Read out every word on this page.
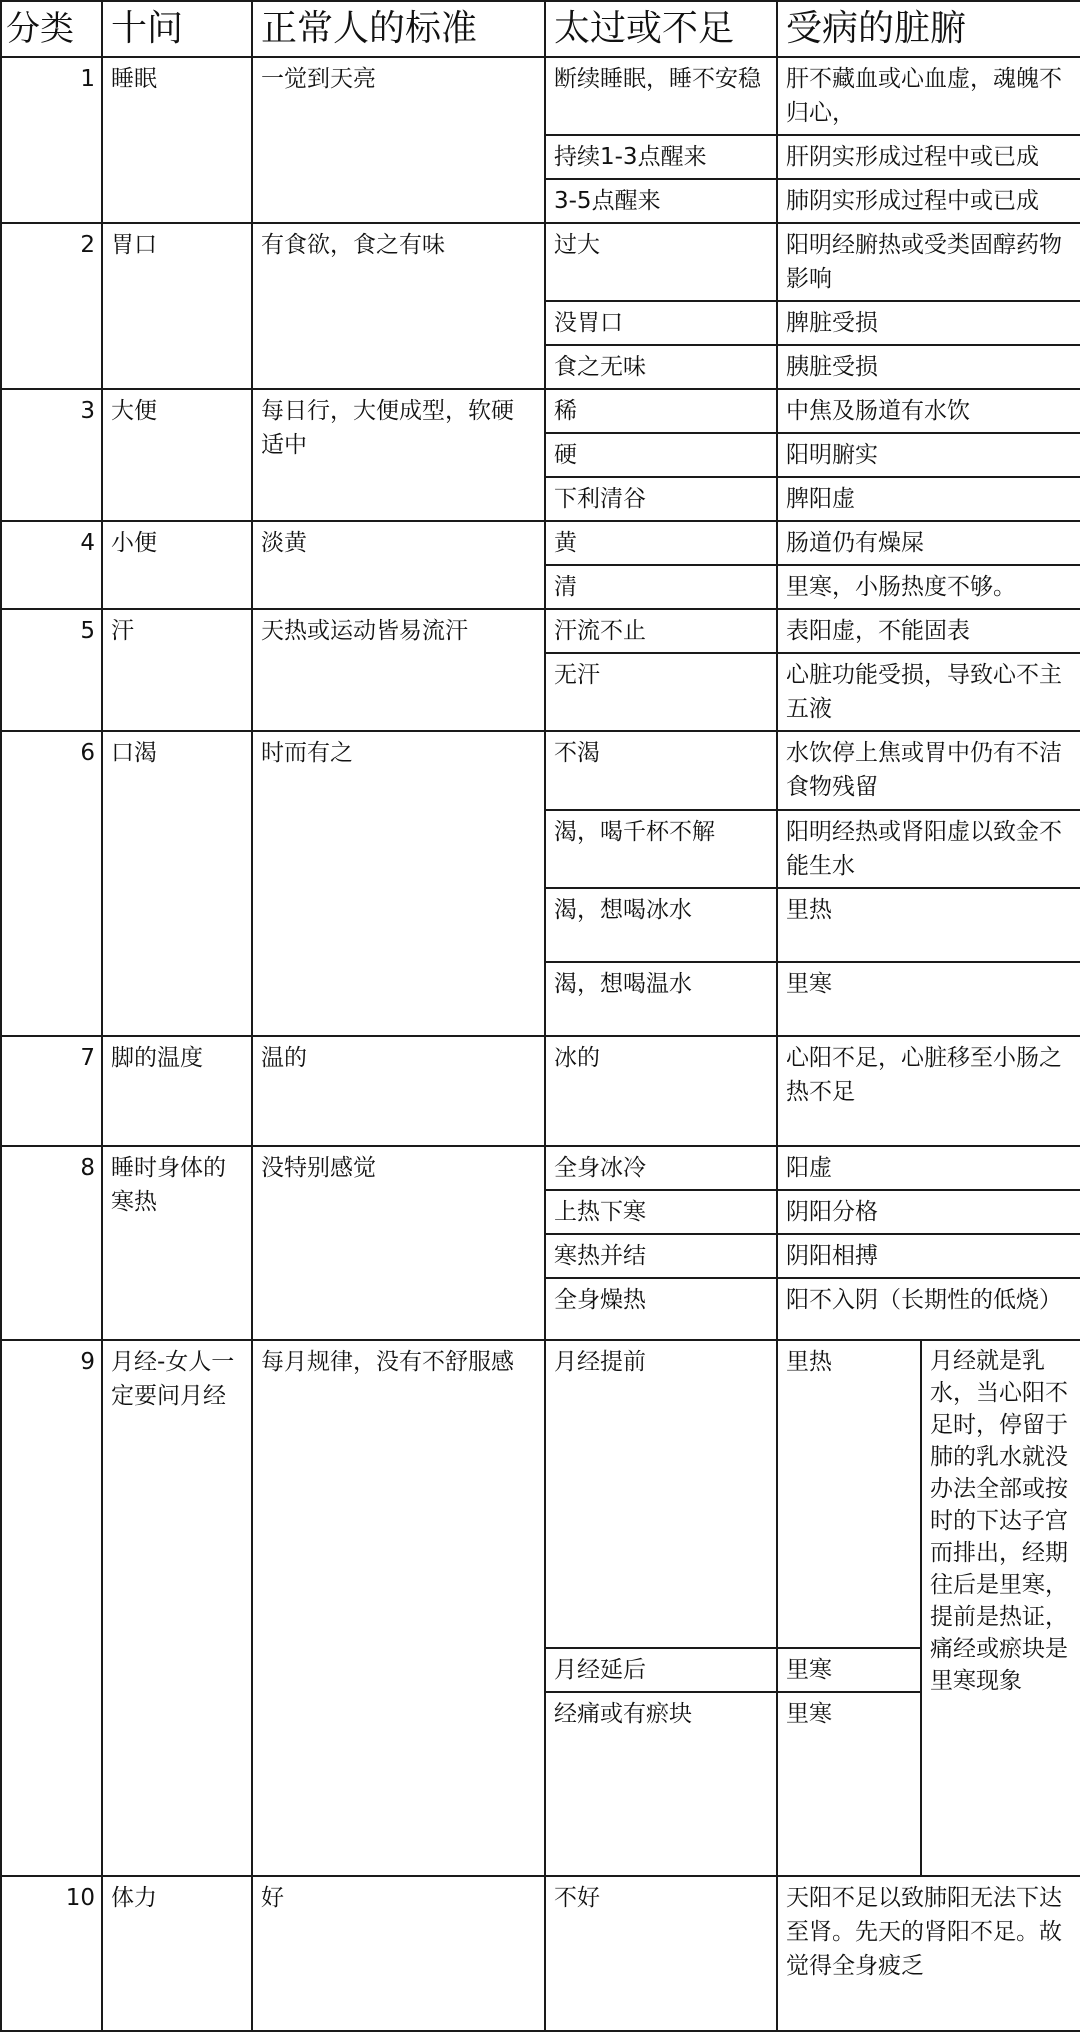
分类	十问	正常人的标准	太过或不足	受病的脏腑	
1	睡眠	一觉到天亮	断续睡眠，睡不安稳	肝不藏血或心血虚，魂魄不归心，	
			持续1-3点醒来	肝阴实形成过程中或已成	
			3-5点醒来	肺阴实形成过程中或已成	
2	胃口	有食欲，食之有味	过大	阳明经腑热或受类固醇药物影响	
			没胃口	脾脏受损	
			食之无味	胰脏受损	
3	大便	每日行，大便成型，软硬适中	稀	中焦及肠道有水饮	
			硬	阳明腑实	
			下利清谷	脾阳虚	
4	小便	淡黄	黄	肠道仍有燥屎	
			清	里寒，小肠热度不够。	
5	汗	天热或运动皆易流汗	汗流不止	表阳虚，不能固表	
			无汗	心脏功能受损，导致心不主五液	
6	口渴	时而有之	不渴	水饮停上焦或胃中仍有不洁食物残留	
			渴，喝千杯不解	阳明经热或肾阳虚以致金不能生水	
			渴，想喝冰水	里热	
			渴，想喝温水	里寒	
7	脚的温度	温的	冰的	心阳不足，心脏移至小肠之热不足	
8	睡时身体的寒热	没特别感觉	全身冰冷	阳虚	
			上热下寒	阴阳分格	
			寒热并结	阴阳相搏	
			全身燥热	阳不入阴（长期性的低烧）	
9	月经-女人一定要问月经	每月规律，没有不舒服感	月经提前	里热	月经就是乳水，当心阳不足时，停留于肺的乳水就没办法全部或按时的下达子宫而排出，经期往后是里寒，提前是热证，痛经或瘀块是里寒现象
			月经延后	里寒	
			经痛或有瘀块	里寒	
10	体力	好	不好	天阳不足以致肺阳无法下达至肾。先天的肾阳不足。故觉得全身疲乏	
